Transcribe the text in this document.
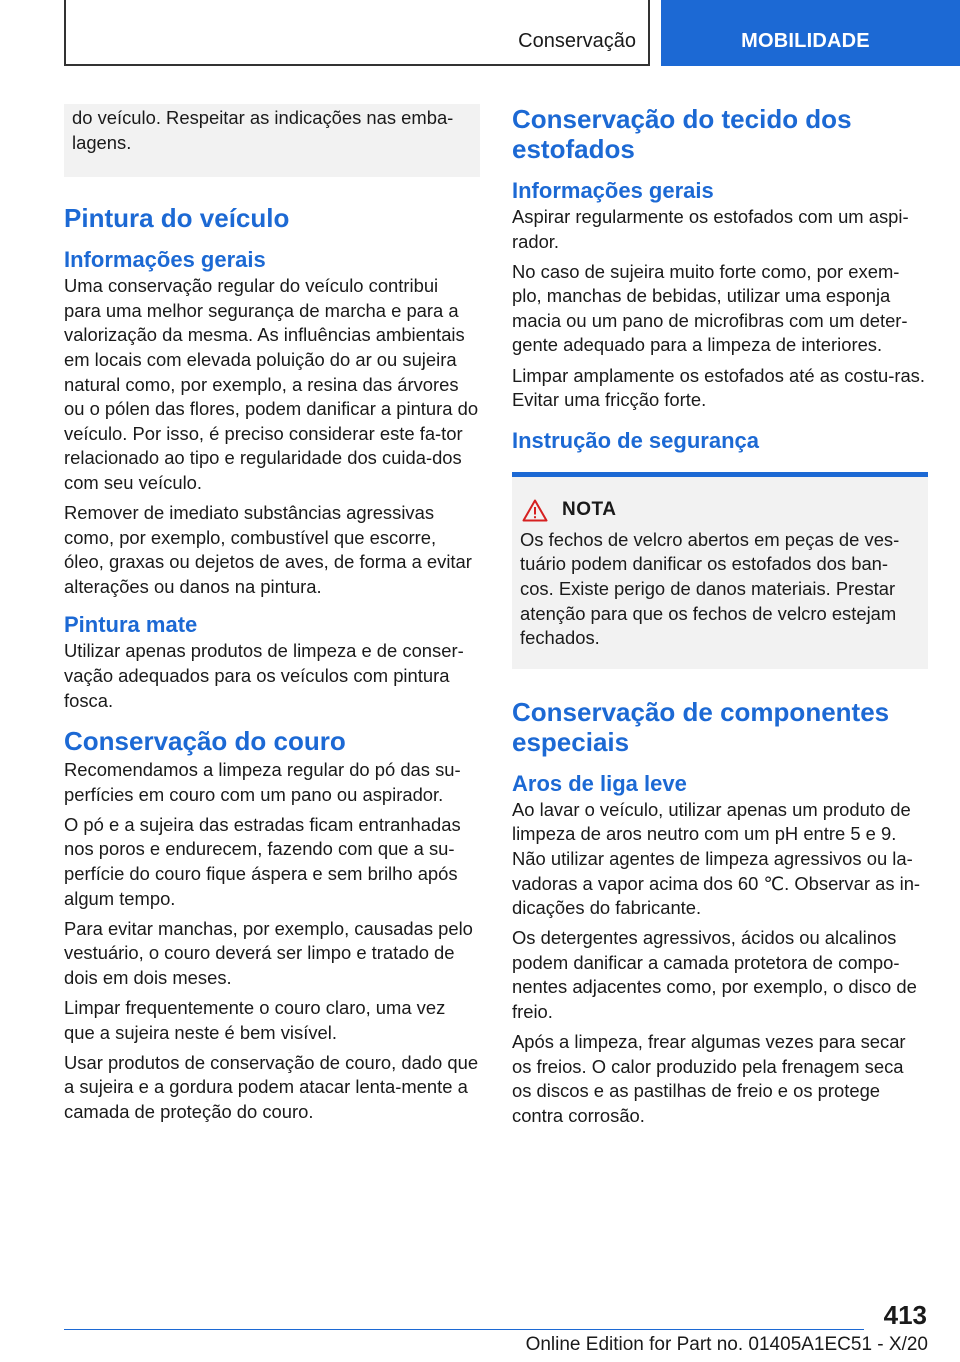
Conservação	MOBILIDADE

do veículo. Respeitar as indicações nas emba-lagens.

Pintura do veículo
Informações gerais

Uma conservação regular do veículo contribui para uma melhor segurança de marcha e para a valorização da mesma. As influências ambientais em locais com elevada poluição do ar ou sujeira natural como, por exemplo, a resina das árvores ou o pólen das flores, podem danificar a pintura do veículo. Por isso, é preciso considerar este fa-tor relacionado ao tipo e regularidade dos cuida-dos com seu veículo.

Remover de imediato substâncias agressivas como, por exemplo, combustível que escorre, óleo, graxas ou dejetos de aves, de forma a evitar alterações ou danos na pintura.

Pintura mate

Utilizar apenas produtos de limpeza e de conser-vação adequados para os veículos com pintura fosca.

Conservação do couro

Recomendamos a limpeza regular do pó das su-perfícies em couro com um pano ou aspirador.

O pó e a sujeira das estradas ficam entranhadas nos poros e endurecem, fazendo com que a su-perfície do couro fique áspera e sem brilho após algum tempo.

Para evitar manchas, por exemplo, causadas pelo vestuário, o couro deverá ser limpo e tratado de dois em dois meses.

Limpar frequentemente o couro claro, uma vez que a sujeira neste é bem visível.

Usar produtos de conservação de couro, dado que a sujeira e a gordura podem atacar lenta-mente a camada de proteção do couro.

Conservação do tecido dos estofados
Informações gerais

Aspirar regularmente os estofados com um aspi-rador.

No caso de sujeira muito forte como, por exem-plo, manchas de bebidas, utilizar uma esponja macia ou um pano de microfibras com um deter-gente adequado para a limpeza de interiores.

Limpar amplamente os estofados até as costu-ras. Evitar uma fricção forte.

Instrução de segurança
NOTA

Os fechos de velcro abertos em peças de ves-tuário podem danificar os estofados dos ban-cos. Existe perigo de danos materiais. Prestar atenção para que os fechos de velcro estejam fechados.

Conservação de componentes especiais
Aros de liga leve

Ao lavar o veículo, utilizar apenas um produto de limpeza de aros neutro com um pH entre 5 e 9. Não utilizar agentes de limpeza agressivos ou la-vadoras a vapor acima dos 60 ℃. Observar as in-dicações do fabricante.

Os detergentes agressivos, ácidos ou alcalinos podem danificar a camada protetora de compo-nentes adjacentes como, por exemplo, o disco de freio.

Após a limpeza, frear algumas vezes para secar os freios. O calor produzido pela frenagem seca os discos e as pastilhas de freio e os protege contra corrosão.

413
Online Edition for Part no. 01405A1EC51 - X/20
